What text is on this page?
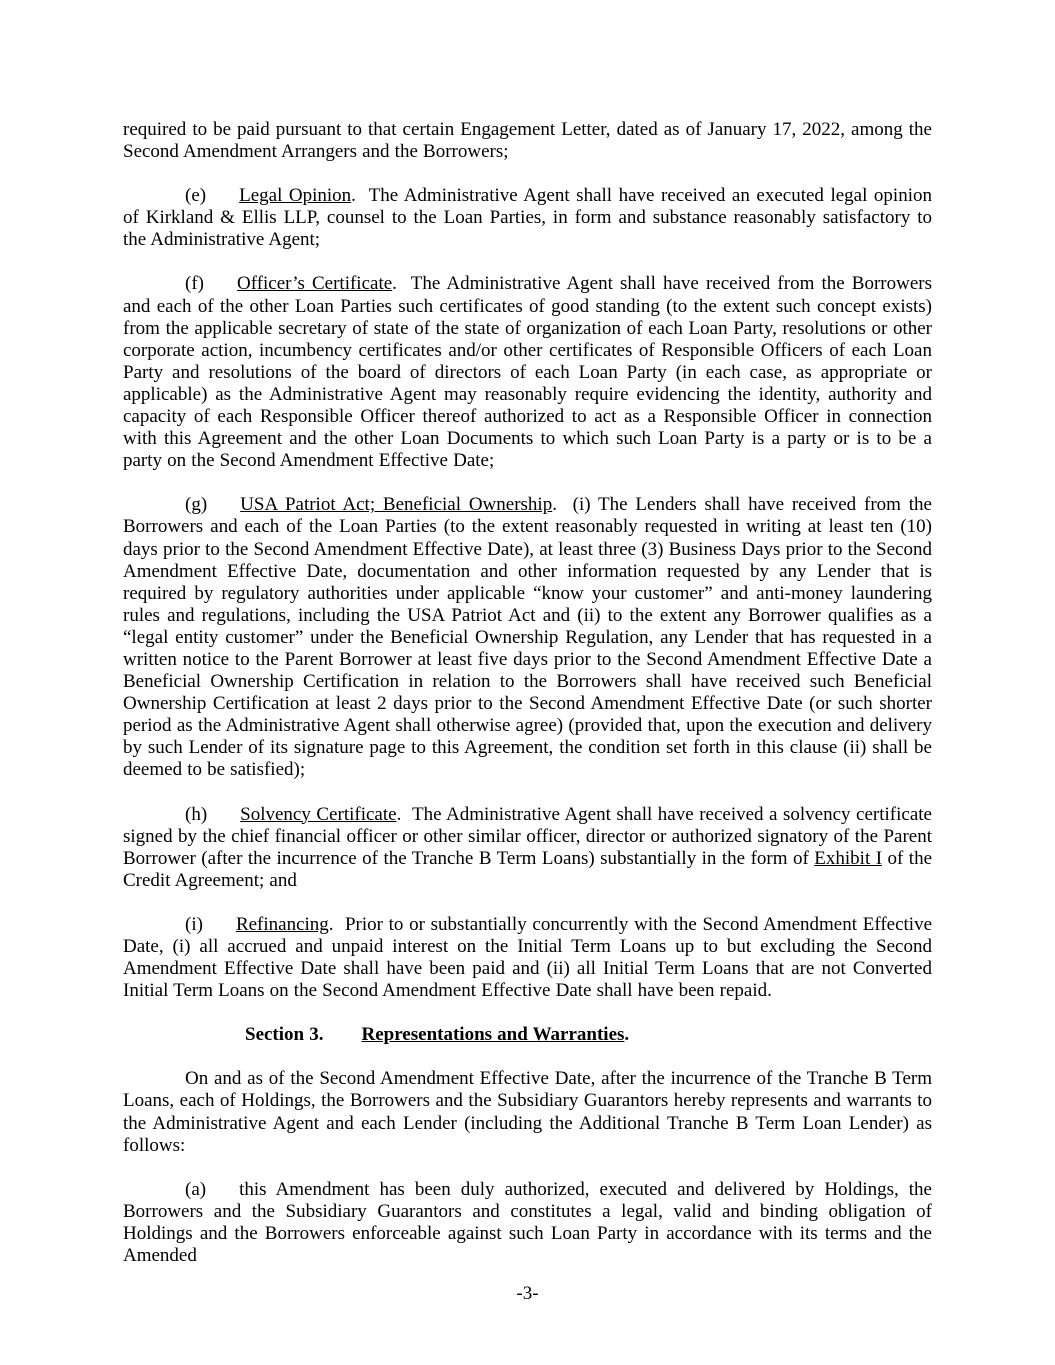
required to be paid pursuant to that certain Engagement Letter, dated as of January 17, 2022, among the Second Amendment Arrangers and the Borrowers;

(e) Legal Opinion.  The Administrative Agent shall have received an executed legal opinion of Kirkland & Ellis LLP, counsel to the Loan Parties, in form and substance reasonably satisfactory to the Administrative Agent;

(f) Officer’s Certificate.  The Administrative Agent shall have received from the Borrowers and each of the other Loan Parties such certificates of good standing (to the extent such concept exists) from the applicable secretary of state of the state of organization of each Loan Party, resolutions or other corporate action, incumbency certificates and/or other certificates of Responsible Officers of each Loan Party and resolutions of the board of directors of each Loan Party (in each case, as appropriate or applicable) as the Administrative Agent may reasonably require evidencing the identity, authority and capacity of each Responsible Officer thereof authorized to act as a Responsible Officer in connection with this Agreement and the other Loan Documents to which such Loan Party is a party or is to be a party on the Second Amendment Effective Date;

(g) USA Patriot Act; Beneficial Ownership.  (i) The Lenders shall have received from the Borrowers and each of the Loan Parties (to the extent reasonably requested in writing at least ten (10) days prior to the Second Amendment Effective Date), at least three (3) Business Days prior to the Second Amendment Effective Date, documentation and other information requested by any Lender that is required by regulatory authorities under applicable “know your customer” and anti-money laundering rules and regulations, including the USA Patriot Act and (ii) to the extent any Borrower qualifies as a “legal entity customer” under the Beneficial Ownership Regulation, any Lender that has requested in a written notice to the Parent Borrower at least five days prior to the Second Amendment Effective Date a Beneficial Ownership Certification in relation to the Borrowers shall have received such Beneficial Ownership Certification at least 2 days prior to the Second Amendment Effective Date (or such shorter period as the Administrative Agent shall otherwise agree) (provided that, upon the execution and delivery by such Lender of its signature page to this Agreement, the condition set forth in this clause (ii) shall be deemed to be satisfied);

(h) Solvency Certificate.  The Administrative Agent shall have received a solvency certificate signed by the chief financial officer or other similar officer, director or authorized signatory of the Parent Borrower (after the incurrence of the Tranche B Term Loans) substantially in the form of Exhibit I of the Credit Agreement; and

(i) Refinancing.  Prior to or substantially concurrently with the Second Amendment Effective Date, (i) all accrued and unpaid interest on the Initial Term Loans up to but excluding the Second Amendment Effective Date shall have been paid and (ii) all Initial Term Loans that are not Converted Initial Term Loans on the Second Amendment Effective Date shall have been repaid.

Section 3. Representations and Warranties.

On and as of the Second Amendment Effective Date, after the incurrence of the Tranche B Term Loans, each of Holdings, the Borrowers and the Subsidiary Guarantors hereby represents and warrants to the Administrative Agent and each Lender (including the Additional Tranche B Term Loan Lender) as follows:

(a) this Amendment has been duly authorized, executed and delivered by Holdings, the Borrowers and the Subsidiary Guarantors and constitutes a legal, valid and binding obligation of Holdings and the Borrowers enforceable against such Loan Party in accordance with its terms and the Amended

-3-
